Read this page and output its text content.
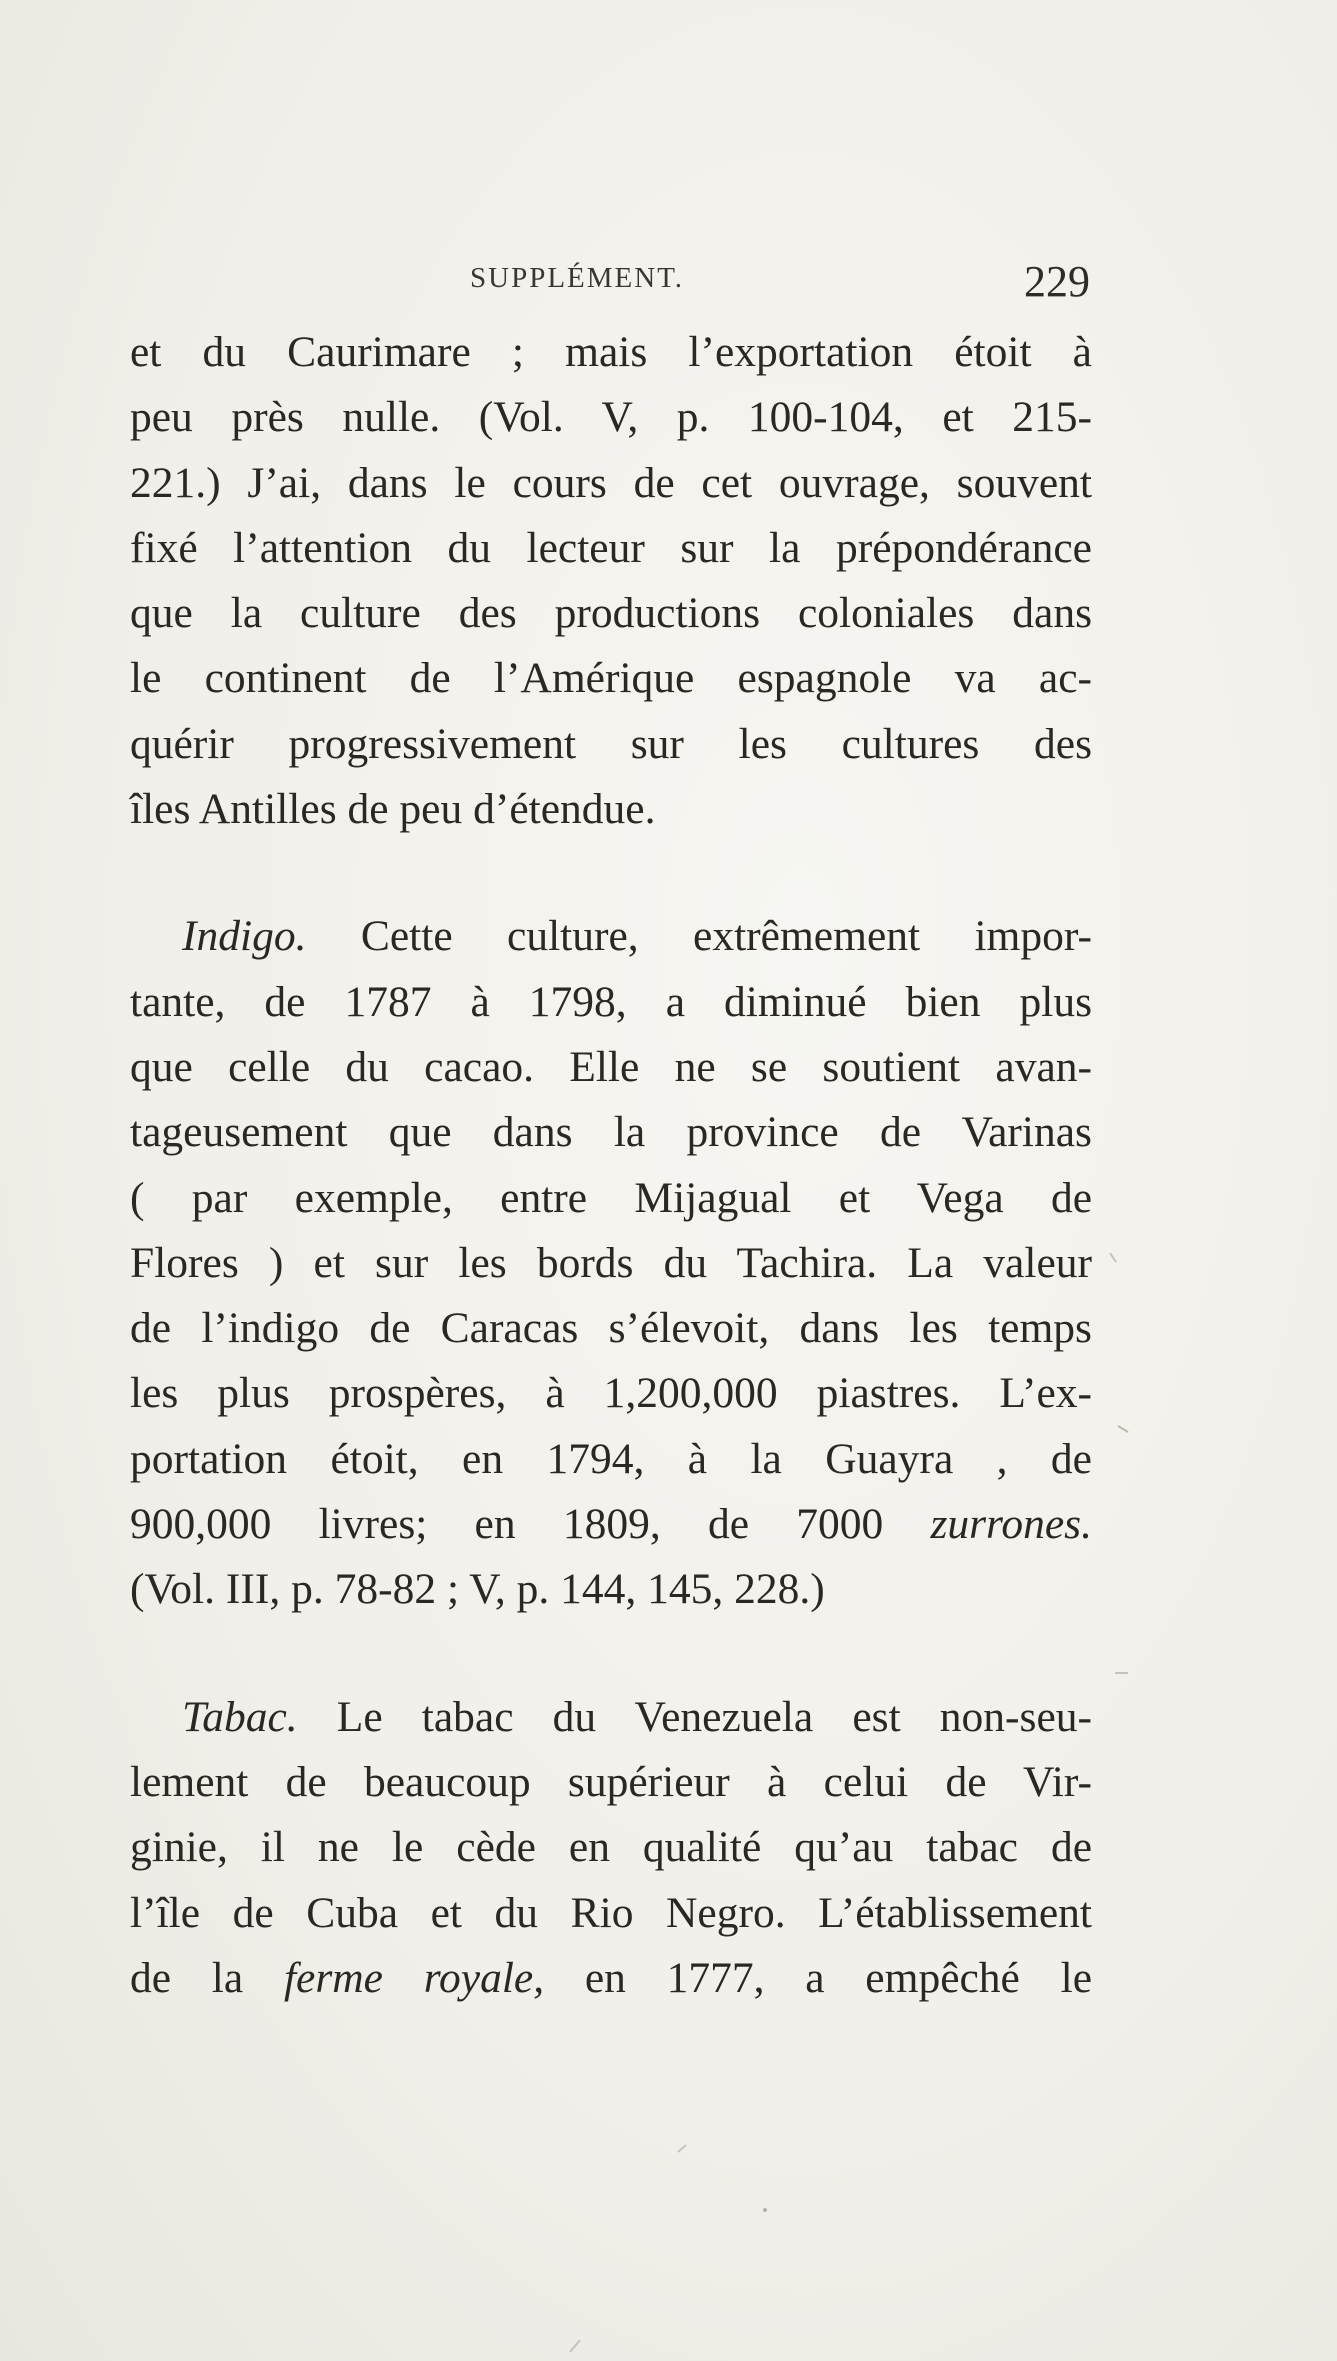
SUPPLÉMENT.	229
et du Caurimare ; mais l’exportation étoit à
peu près nulle. (Vol. V, p. 100-104, et 215-
221.) J’ai, dans le cours de cet ouvrage, souvent
fixé l’attention du lecteur sur la prépondérance
que la culture des productions coloniales dans
le continent de l’Amérique espagnole va ac-
quérir progressivement sur les cultures des
îles Antilles de peu d’étendue.
Indigo. Cette culture, extrêmement impor-
tante, de 1787 à 1798, a diminué bien plus
que celle du cacao. Elle ne se soutient avan-
tageusement que dans la province de Varinas
( par exemple, entre Mijagual et Vega de
Flores ) et sur les bords du Tachira. La valeur
de l’indigo de Caracas s’élevoit, dans les temps
les plus prospères, à 1,200,000 piastres. L’ex-
portation étoit, en 1794, à la Guayra , de
900,000 livres; en 1809, de 7000 zurrones.
(Vol. III, p. 78-82 ; V, p. 144, 145, 228.)
Tabac. Le tabac du Venezuela est non-seu-
lement de beaucoup supérieur à celui de Vir-
ginie, il ne le cède en qualité qu’au tabac de
l’île de Cuba et du Rio Negro. L’établissement
de la ferme royale, en 1777, a empêché le
